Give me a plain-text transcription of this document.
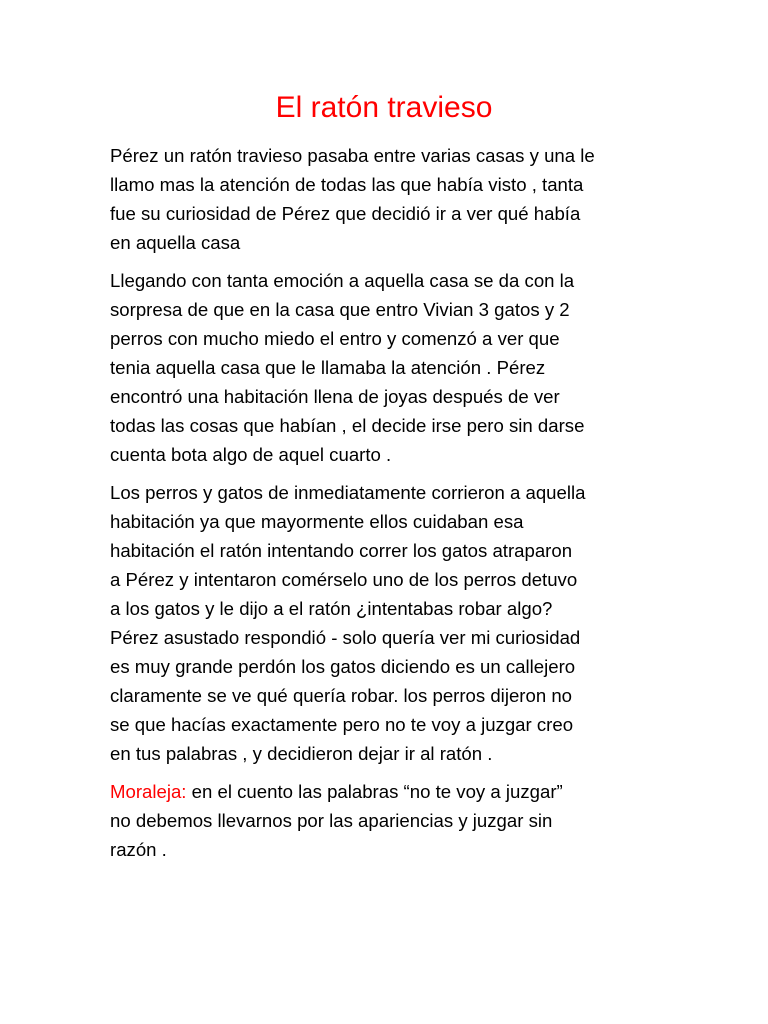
El ratón travieso

Pérez un ratón travieso pasaba entre varias casas y una le
llamo mas la atención de todas las que había visto , tanta
fue su curiosidad de Pérez que decidió ir a ver qué había
en aquella casa

Llegando con tanta emoción a aquella casa se da con la
sorpresa de que en la casa que entro Vivian 3 gatos y 2
perros con mucho miedo el entro y comenzó a ver que
tenia aquella casa que le llamaba la atención . Pérez
encontró una habitación llena de joyas después de ver
todas las cosas que habían , el decide irse pero sin darse
cuenta bota algo de aquel cuarto .

Los perros y gatos de inmediatamente corrieron a aquella
habitación ya que mayormente ellos cuidaban esa
habitación el ratón intentando correr los gatos atraparon
a Pérez y intentaron comérselo uno de los perros detuvo
a los gatos y le dijo a el ratón ¿intentabas robar algo?
Pérez asustado respondió - solo quería ver mi curiosidad
es muy grande perdón los gatos diciendo es un callejero
claramente se ve qué quería robar. los perros dijeron no
se que hacías exactamente pero no te voy a juzgar creo
en tus palabras , y decidieron dejar ir al ratón .

Moraleja: en el cuento las palabras “no te voy a juzgar”
no debemos llevarnos por las apariencias y juzgar sin
razón .
